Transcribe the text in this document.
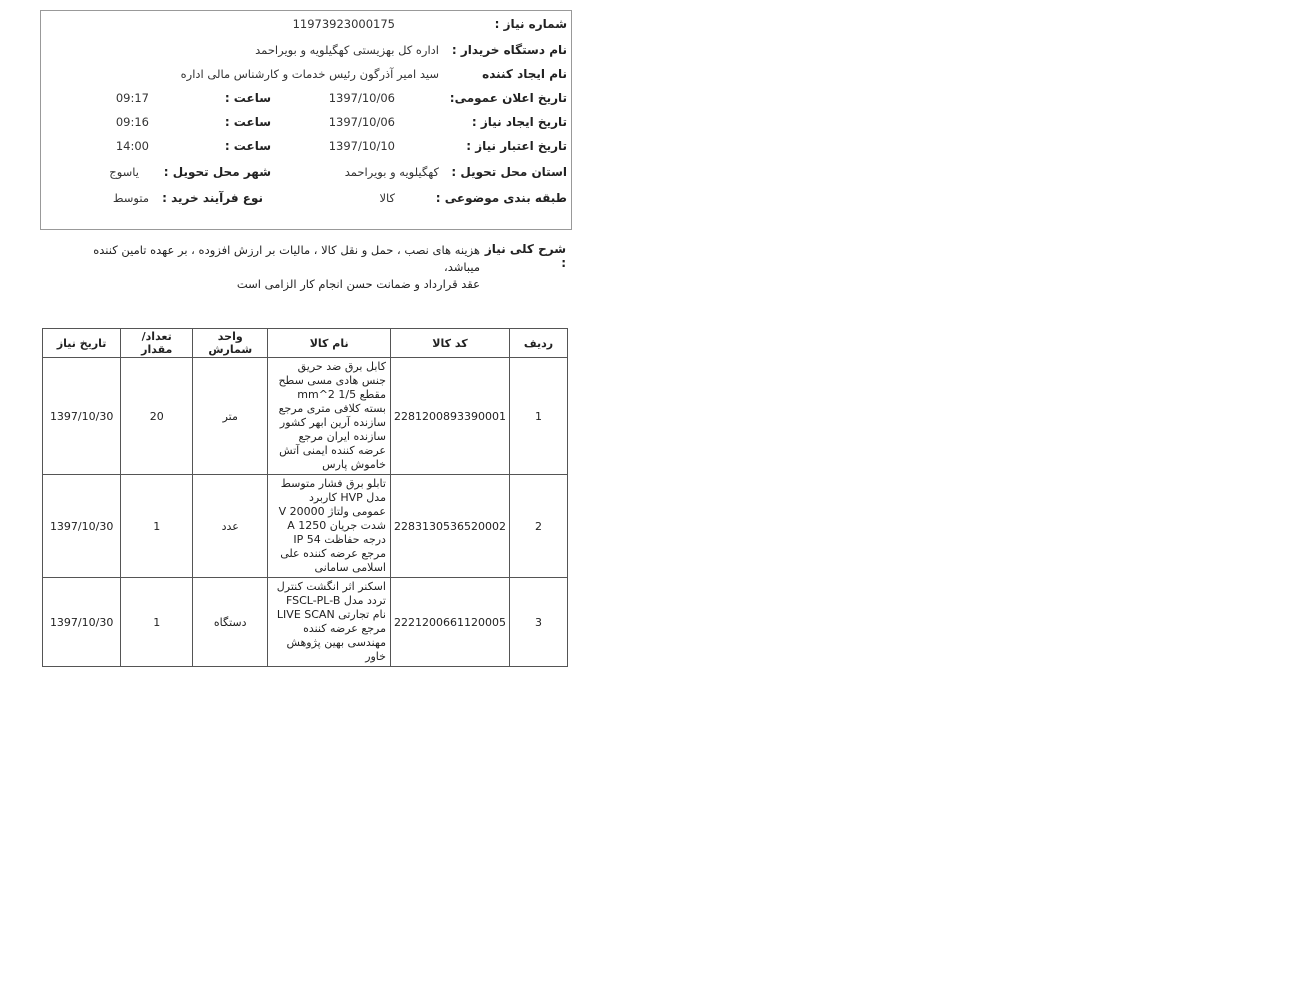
شماره نیاز :
11973923000175
نام دستگاه خریدار :
اداره کل بهزیستی کهگیلویه و بویراحمد
نام ایجاد کننده
سید امیر آذرگون رئیس خدمات و کارشناس مالی اداره
تاریخ اعلان عمومی:
1397/10/06
ساعت :
09:17
تاریخ ایجاد نیاز :
1397/10/06
ساعت :
09:16
تاریخ اعتبار نیاز :
1397/10/10
ساعت :
14:00
استان محل تحویل :
کهگیلویه و بویراحمد
شهر محل تحویل :
یاسوج
طبقه بندی موضوعی :
کالا
نوع فرآیند خرید :
متوسط
شرح کلی نیاز :
هزینه های نصب ، حمل و نقل کالا ، مالیات بر ارزش افزوده ، بر عهده تامین کننده میباشد،
عقد قرارداد و ضمانت حسن انجام کار الزامی است
ردیف	کد کالا	نام کالا	واحد شمارش	تعداد/ مقدار	تاریخ نیاز
1	2281200893390001	کابل برق ضد حریق جنس هادی مسی سطح مقطع 1/5 mm^2 بسته کلافی متری مرجع سازنده آرین ابهر کشور سازنده ایران مرجع عرضه کننده ایمنی آتش خاموش پارس	متر	20	1397/10/30
2	2283130536520002	تابلو برق فشار متوسط مدل HVP کاربرد عمومی ولتاژ 20000 V شدت جریان 1250 A درجه حفاظت IP 54 مرجع عرضه کننده علی اسلامی سامانی	عدد	1	1397/10/30
3	2221200661120005	اسکنر اثر انگشت کنترل تردد مدل FSCL-PL-B نام تجارتی LIVE SCAN مرجع عرضه کننده مهندسی بهین پژوهش خاور	دستگاه	1	1397/10/30
